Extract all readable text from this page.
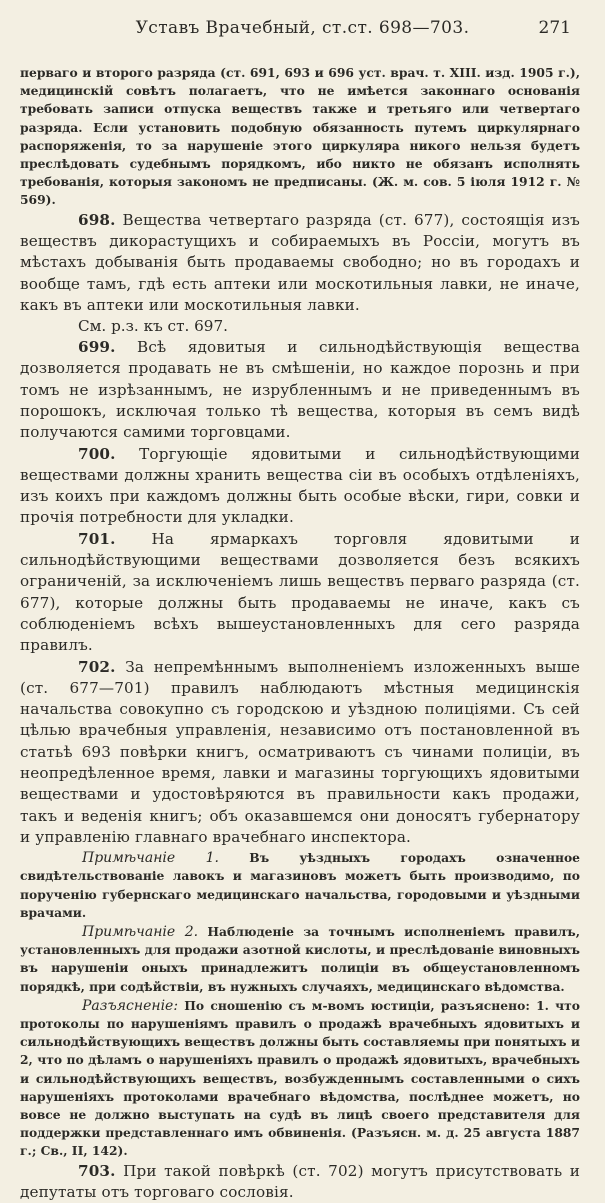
Уставъ Врачебный, ст.ст. 698—703.	271

перваго и второго разряда (ст. 691, 693 и 696 уст. врач. т. XIII. изд. 1905 г.), медицинскій совѣтъ полагаетъ, что не имѣется законнаго основанія требовать записи отпуска веществъ также и третьяго или четвертаго разряда. Если установить подобную обязанность путемъ циркулярнаго распоряженія, то за нарушеніе этого циркуляра никого нельзя будетъ преслѣдовать судебнымъ порядкомъ, ибо никто не обязанъ исполнять требованія, которыя закономъ не предписаны. (Ж. м. сов. 5 іюля 1912 г. № 569).

698. Вещества четвертаго разряда (ст. 677), состоящія изъ веществъ дикорастущихъ и собираемыхъ въ Россіи, могутъ въ мѣстахъ добыванія быть продаваемы свободно; но въ городахъ и вообще тамъ, гдѣ есть аптеки или москотильныя лавки, не иначе, какъ въ аптеки или москотильныя лавки.

См. р.з. къ ст. 697.

699. Всѣ ядовитыя и сильнодѣйствующія вещества дозволяется продавать не въ смѣшеніи, но каждое порознь и при томъ не изрѣзаннымъ, не изрубленнымъ и не приведеннымъ въ порошокъ, исключая только тѣ вещества, которыя въ семъ видѣ получаются самими торговцами.

700. Торгующіе ядовитыми и сильнодѣйствующими веществами должны хранить вещества сіи въ особыхъ отдѣленіяхъ, изъ коихъ при каждомъ должны быть особые вѣски, гири, совки и прочія потребности для укладки.

701. На ярмаркахъ торговля ядовитыми и сильнодѣйствующими веществами дозволяется безъ всякихъ ограниченій, за исключеніемъ лишь веществъ перваго разряда (ст. 677), которые должны быть продаваемы не иначе, какъ съ соблюденіемъ всѣхъ вышеустановленныхъ для сего разряда правилъ.

702. За непремѣннымъ выполненіемъ изложенныхъ выше (ст. 677—701) правилъ наблюдаютъ мѣстныя медицинскія начальства совокупно съ городскою и уѣздною полиціями. Съ сей цѣлью врачебныя управленія, независимо отъ постановленной въ статьѣ 693 повѣрки книгъ, осматриваютъ съ чинами полиціи, въ неопредѣленное время, лавки и магазины торгующихъ ядовитыми веществами и удостовѣряются въ правильности какъ продажи, такъ и веденія книгъ; объ оказавшемся они доносятъ губернатору и управленію главнаго врачебнаго инспектора.

Примѣчаніе 1. Въ уѣздныхъ городахъ означенное свидѣтельствованіе лавокъ и магазиновъ можетъ быть производимо, по порученію губернскаго медицинскаго начальства, городовыми и уѣздными врачами.

Примѣчаніе 2. Наблюденіе за точнымъ исполненіемъ правилъ, установленныхъ для продажи азотной кислоты, и преслѣдованіе виновныхъ въ нарушеніи оныхъ принадлежитъ полиціи въ общеустановленномъ порядкѣ, при содѣйствіи, въ нужныхъ случаяхъ, медицинскаго вѣдомства.

Разъясненіе: По сношенію съ м-вомъ юстиціи, разъяснено: 1. что протоколы по нарушеніямъ правилъ о продажѣ врачебныхъ ядовитыхъ и сильнодѣйствующихъ веществъ должны быть составляемы при понятыхъ и 2, что по дѣламъ о нарушеніяхъ правилъ о продажѣ ядовитыхъ, врачебныхъ и сильнодѣйствующихъ веществъ, возбужденнымъ составленными о сихъ нарушеніяхъ протоколами врачебнаго вѣдомства, послѣднее можетъ, но вовсе не должно выступать на судѣ въ лицѣ своего представителя для поддержки представленнаго имъ обвиненія. (Разъясн. м. д. 25 августа 1887 г.; Св., II, 142).

703. При такой повѣркѣ (ст. 702) могутъ присутствовать и депутаты отъ торговаго сословія.
